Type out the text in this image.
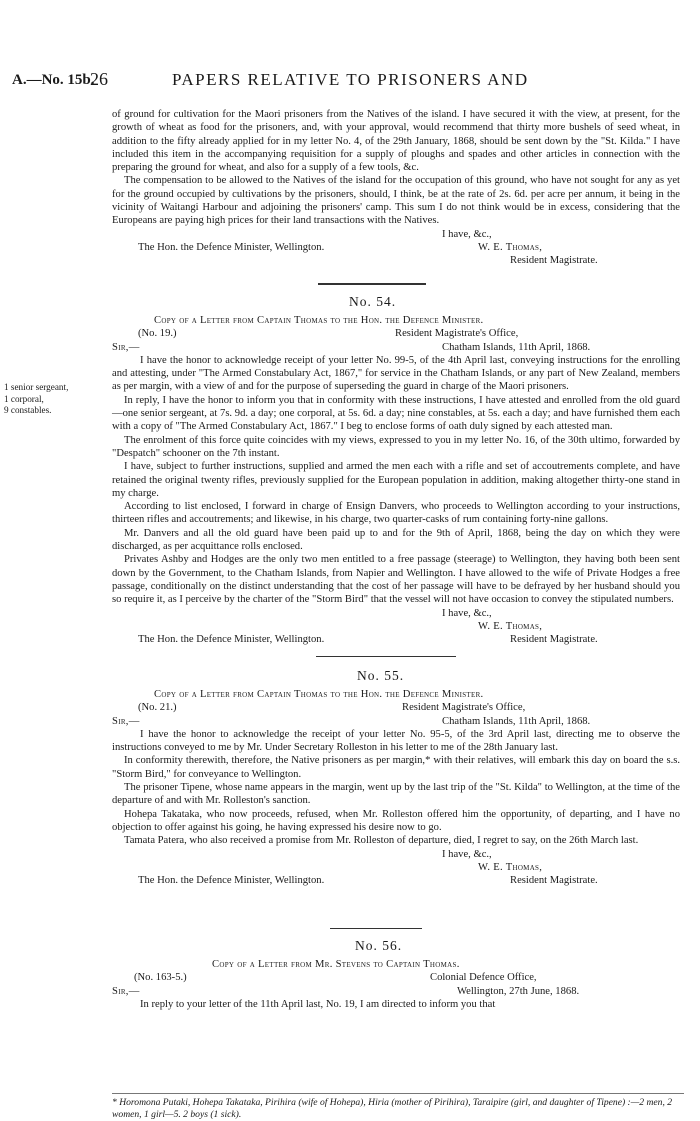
A.—No. 15b.
26	PAPERS RELATIVE TO PRISONERS AND

of ground for cultivation for the Maori prisoners from the Natives of the island. I have secured it with the view, at present, for the growth of wheat as food for the prisoners, and, with your approval, would recommend that thirty more bushels of seed wheat, in addition to the fifty already applied for in my letter No. 4, of the 29th January, 1868, should be sent down by the "St. Kilda." I have included this item in the accompanying requisition for a supply of ploughs and spades and other articles in connection with the preparing the ground for wheat, and also for a supply of a few tools, &c.

The compensation to be allowed to the Natives of the island for the occupation of this ground, who have not sought for any as yet for the ground occupied by cultivations by the prisoners, should, I think, be at the rate of 2s. 6d. per acre per annum, it being in the vicinity of Waitangi Harbour and adjoining the prisoners' camp. This sum I do not think would be in excess, considering that the Europeans are paying high prices for their land transactions with the Natives.

I have, &c.,
The Hon. the Defence Minister, Wellington.	W. E. Thomas,
Resident Magistrate.
No. 54.
Copy of a Letter from Captain Thomas to the Hon. the Defence Minister.
(No. 19.)	Resident Magistrate's Office,
Sir,—	Chatham Islands, 11th April, 1868.

I have the honor to acknowledge receipt of your letter No. 99-5, of the 4th April last, conveying instructions for the enrolling and attesting, under "The Armed Constabulary Act, 1867," for service in the Chatham Islands, or any part of New Zealand, members as per margin, with a view of and for the purpose of superseding the guard in charge of the Maori prisoners.

In reply, I have the honor to inform you that in conformity with these instructions, I have attested and enrolled from the old guard—one senior sergeant, at 7s. 9d. a day; one corporal, at 5s. 6d. a day; nine constables, at 5s. each a day; and have furnished them each with a copy of "The Armed Constabulary Act, 1867." I beg to enclose forms of oath duly signed by each attested man.

The enrolment of this force quite coincides with my views, expressed to you in my letter No. 16, of the 30th ultimo, forwarded by "Despatch" schooner on the 7th instant.

I have, subject to further instructions, supplied and armed the men each with a rifle and set of accoutrements complete, and have retained the original twenty rifles, previously supplied for the European population in addition, making altogether thirty-one stand in my charge.

According to list enclosed, I forward in charge of Ensign Danvers, who proceeds to Wellington according to your instructions, thirteen rifles and accoutrements; and likewise, in his charge, two quarter-casks of rum containing forty-nine gallons.

Mr. Danvers and all the old guard have been paid up to and for the 9th of April, 1868, being the day on which they were discharged, as per acquittance rolls enclosed.

Privates Ashby and Hodges are the only two men entitled to a free passage (steerage) to Wellington, they having both been sent down by the Government, to the Chatham Islands, from Napier and Wellington. I have allowed to the wife of Private Hodges a free passage, conditionally on the distinct understanding that the cost of her passage will have to be defrayed by her husband should you so require it, as I perceive by the charter of the "Storm Bird" that the vessel will not have occasion to convey the stipulated numbers.

I have, &c.,
W. E. Thomas,
The Hon. the Defence Minister, Wellington.	Resident Magistrate.
1 senior sergeant,
1 corporal,
9 constables.
No. 55.
Copy of a Letter from Captain Thomas to the Hon. the Defence Minister.
(No. 21.)	Resident Magistrate's Office,
Sir,—	Chatham Islands, 11th April, 1868.

I have the honor to acknowledge the receipt of your letter No. 95-5, of the 3rd April last, directing me to observe the instructions conveyed to me by Mr. Under Secretary Rolleston in his letter to me of the 28th January last.

In conformity therewith, therefore, the Native prisoners as per margin,* with their relatives, will embark this day on board the s.s. "Storm Bird," for conveyance to Wellington.

The prisoner Tipene, whose name appears in the margin, went up by the last trip of the "St. Kilda" to Wellington, at the time of the departure of and with Mr. Rolleston's sanction.

Hohepa Takataka, who now proceeds, refused, when Mr. Rolleston offered him the opportunity, of departing, and I have no objection to offer against his going, he having expressed his desire now to go.

Tamata Patera, who also received a promise from Mr. Rolleston of departure, died, I regret to say, on the 26th March last.

I have, &c.,
W. E. Thomas,
The Hon. the Defence Minister, Wellington.	Resident Magistrate.
No. 56.
Copy of a Letter from Mr. Stevens to Captain Thomas.
(No. 163-5.)	Colonial Defence Office,
Sir,—	Wellington, 27th June, 1868.

In reply to your letter of the 11th April last, No. 19, I am directed to inform you that

* Horomona Putaki, Hohepa Takataka, Pirihira (wife of Hohepa), Hiria (mother of Pirihira), Taraipire (girl, and daughter of Tipene) :—2 men, 2 women, 1 girl—5. 2 boys (1 sick).
